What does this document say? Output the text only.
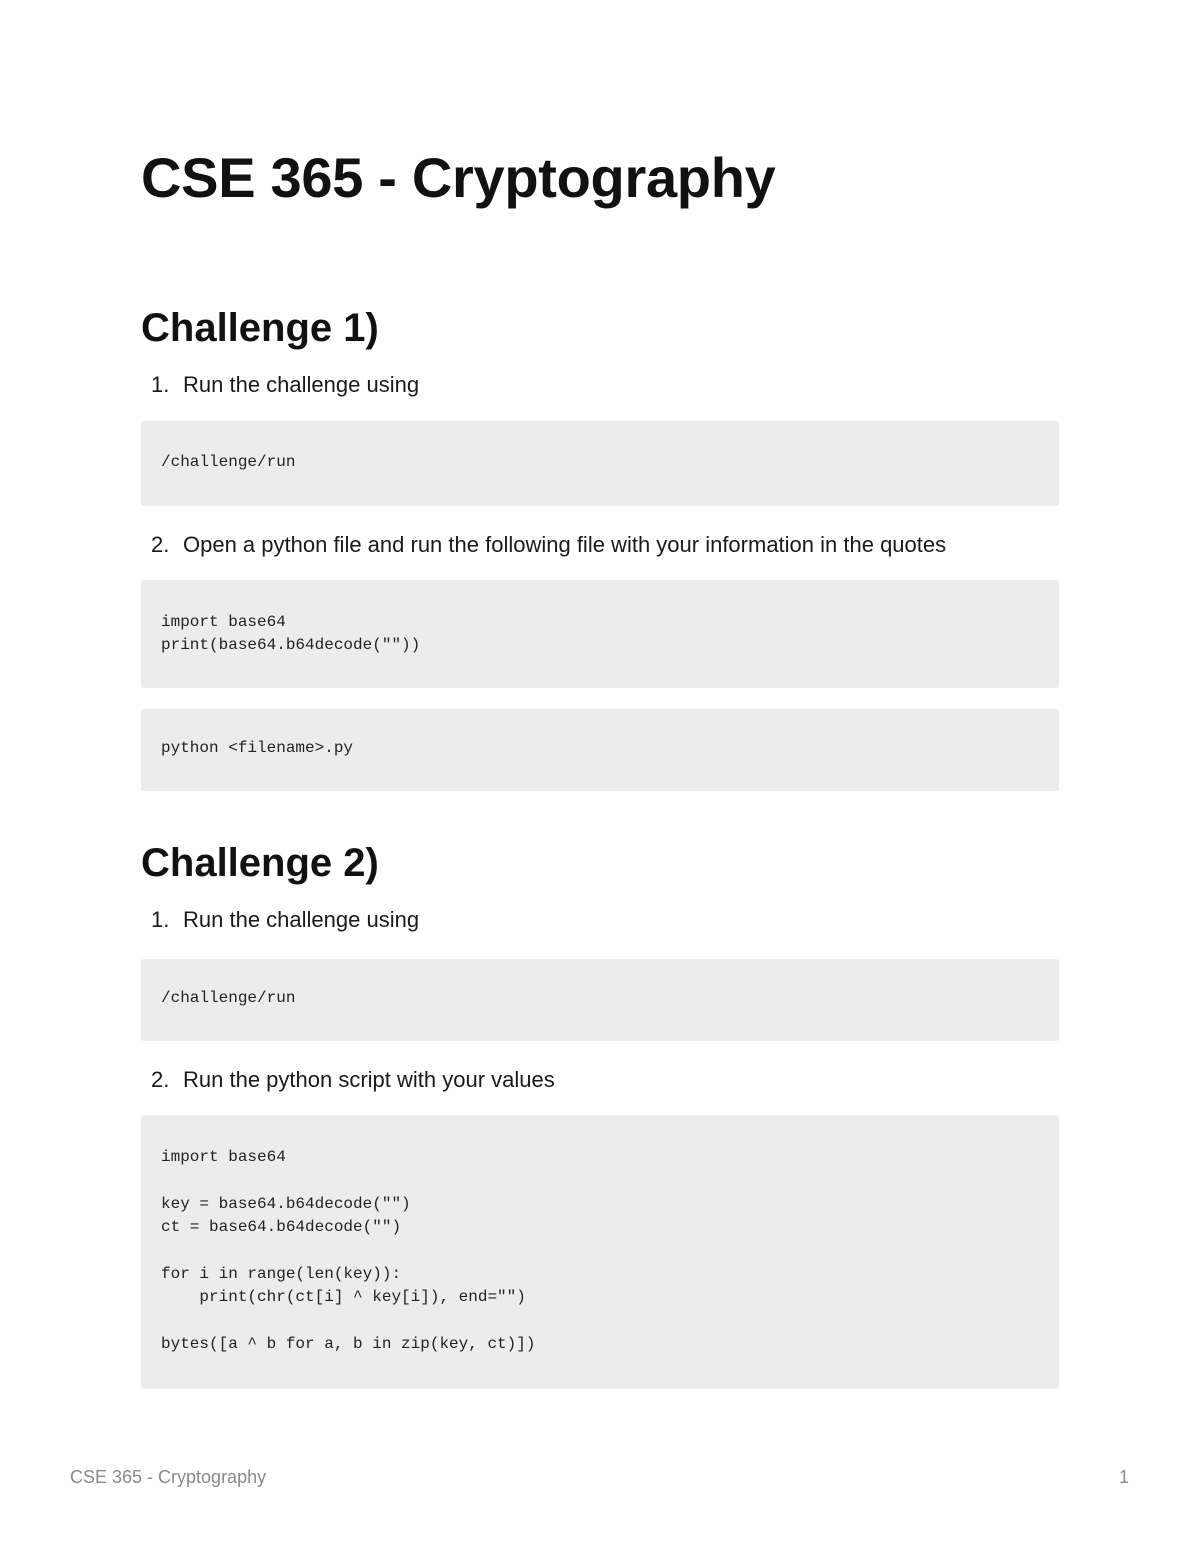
CSE 365 - Cryptography
Challenge 1)
1. Run the challenge using
/challenge/run
2. Open a python file and run the following file with your information in the quotes
import base64
print(base64.b64decode(""))
python <filename>.py
Challenge 2)
1. Run the challenge using
/challenge/run
2. Run the python script with your values
import base64

key = base64.b64decode("")
ct = base64.b64decode("")

for i in range(len(key)):
print(chr(ct[i] ^ key[i]), end="")

bytes([a ^ b for a, b in zip(key, ct)])
CSE 365 - Cryptography	1
